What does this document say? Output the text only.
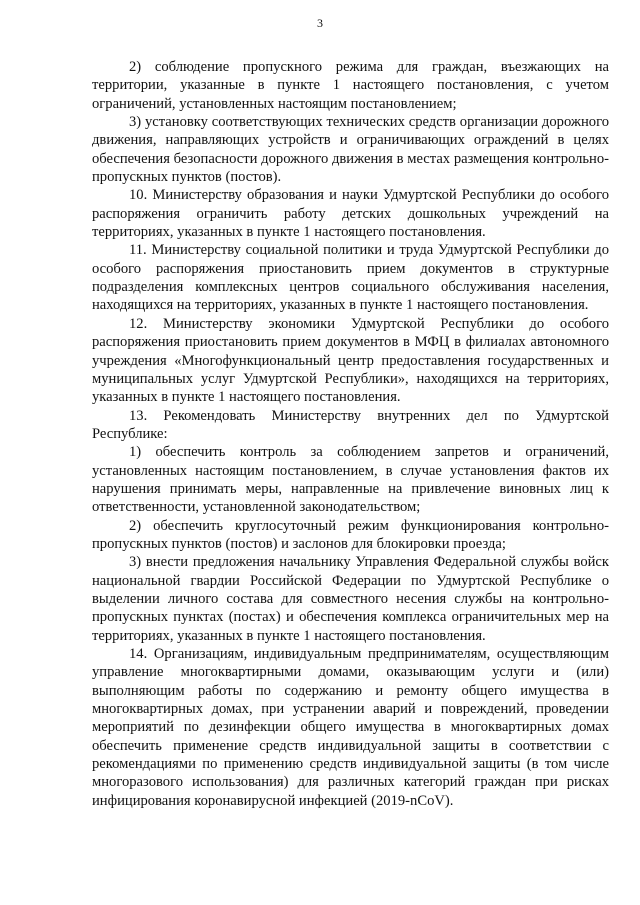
3

2) соблюдение пропускного режима для граждан, въезжающих на территории, указанные в пункте 1 настоящего постановления, с учетом ограничений, установленных настоящим постановлением;

3) установку соответствующих технических средств организации дорожного движения, направляющих устройств и ограничивающих ограждений в целях обеспечения безопасности дорожного движения в местах размещения контрольно-пропускных пунктов (постов).

10. Министерству образования и науки Удмуртской Республики до особого распоряжения ограничить работу детских дошкольных учреждений на территориях, указанных в пункте 1 настоящего постановления.

11. Министерству социальной политики и труда Удмуртской Республики до особого распоряжения приостановить прием документов в структурные подразделения комплексных центров социального обслуживания населения, находящихся на территориях, указанных в пункте 1 настоящего постановления.

12. Министерству экономики Удмуртской Республики до особого распоряжения приостановить прием документов в МФЦ в филиалах автономного учреждения «Многофункциональный центр предоставления государственных и муниципальных услуг Удмуртской Республики», находящихся на территориях, указанных в пункте 1 настоящего постановления.

13. Рекомендовать Министерству внутренних дел по Удмуртской Республике:

1) обеспечить контроль за соблюдением запретов и ограничений, установленных настоящим постановлением, в случае установления фактов их нарушения принимать меры, направленные на привлечение виновных лиц к ответственности, установленной законодательством;

2) обеспечить круглосуточный режим функционирования контрольно-пропускных пунктов (постов) и заслонов для блокировки проезда;

3) внести предложения начальнику Управления Федеральной службы войск национальной гвардии Российской Федерации по Удмуртской Республике о выделении личного состава для совместного несения службы на контрольно-пропускных пунктах (постах) и обеспечения комплекса ограничительных мер на территориях, указанных в пункте 1 настоящего постановления.

14. Организациям, индивидуальным предпринимателям, осуществляющим управление многоквартирными домами, оказывающим услуги и (или) выполняющим работы по содержанию и ремонту общего имущества в многоквартирных домах, при устранении аварий и повреждений, проведении мероприятий по дезинфекции общего имущества в многоквартирных домах обеспечить применение средств индивидуальной защиты в соответствии с рекомендациями по применению средств индивидуальной защиты (в том числе многоразового использования) для различных категорий граждан при рисках инфицирования коронавирусной инфекцией (2019-nCoV).
